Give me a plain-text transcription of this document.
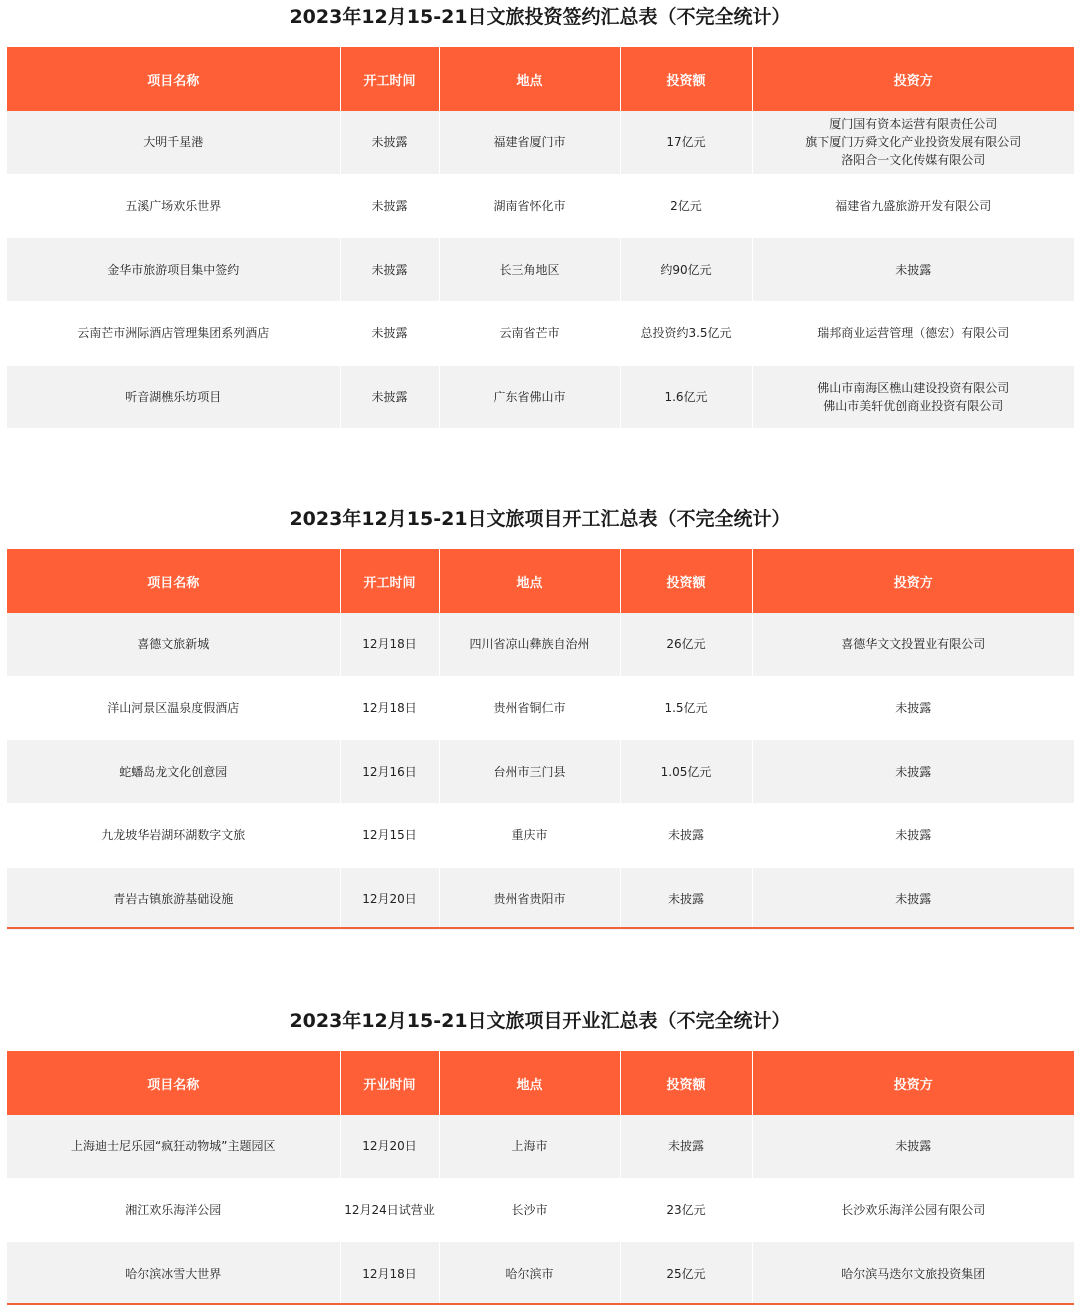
2023年12月15-21日文旅投资签约汇总表（不完全统计）
项目名称	开工时间	地点	投资额	投资方
大明千星港	未披露	福建省厦门市	17亿元	厦门国有资本运营有限责任公司
旗下厦门万舜文化产业投资发展有限公司
洛阳合一文化传媒有限公司

五溪广场欢乐世界	未披露	湖南省怀化市	2亿元	福建省九盛旅游开发有限公司
金华市旅游项目集中签约	未披露	长三角地区	约90亿元	未披露
云南芒市洲际酒店管理集团系列酒店	未披露	云南省芒市	总投资约3.5亿元	瑞邦商业运营管理（德宏）有限公司
听音湖樵乐坊项目	未披露	广东省佛山市	1.6亿元	佛山市南海区樵山建设投资有限公司
佛山市美轩优创商业投资有限公司
2023年12月15-21日文旅项目开工汇总表（不完全统计）
项目名称	开工时间	地点	投资额	投资方
喜德文旅新城	12月18日	四川省凉山彝族自治州	26亿元	喜德华文文投置业有限公司
洋山河景区温泉度假酒店	12月18日	贵州省铜仁市	1.5亿元	未披露
蛇蟠岛龙文化创意园	12月16日	台州市三门县	1.05亿元	未披露
九龙坡华岩湖环湖数字文旅	12月15日	重庆市	未披露	未披露
青岩古镇旅游基础设施	12月20日	贵州省贵阳市	未披露	未披露
2023年12月15-21日文旅项目开业汇总表（不完全统计）
项目名称	开业时间	地点	投资额	投资方
上海迪士尼乐园“疯狂动物城”主题园区	12月20日	上海市	未披露	未披露
湘江欢乐海洋公园	12月24日试营业	长沙市	23亿元	长沙欢乐海洋公园有限公司
哈尔滨冰雪大世界	12月18日	哈尔滨市	25亿元	哈尔滨马迭尔文旅投资集团
